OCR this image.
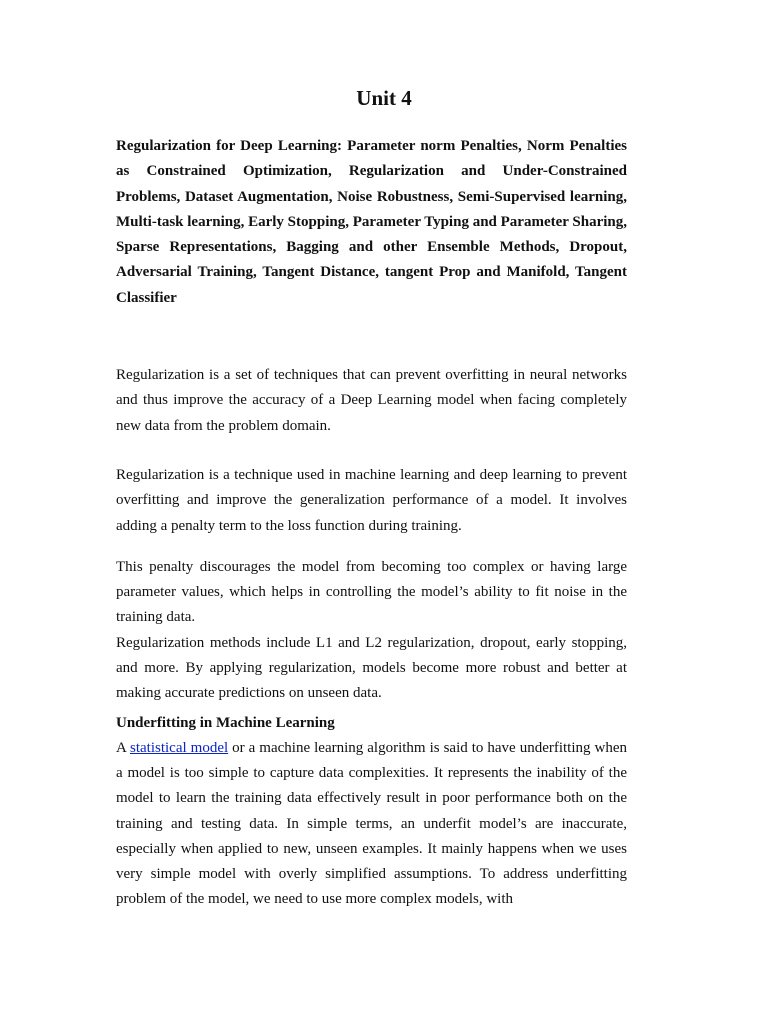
Unit 4

Regularization for Deep Learning: Parameter norm Penalties, Norm Penalties as Constrained Optimization, Regularization and Under-Constrained Problems, Dataset Augmentation, Noise Robustness, Semi-Supervised learning, Multi-task learning, Early Stopping, Parameter Typing and Parameter Sharing, Sparse Representations, Bagging and other Ensemble Methods, Dropout, Adversarial Training, Tangent Distance, tangent Prop and Manifold, Tangent Classifier

Regularization is a set of techniques that can prevent overfitting in neural networks and thus improve the accuracy of a Deep Learning model when facing completely new data from the problem domain.

Regularization is a technique used in machine learning and deep learning to prevent overfitting and improve the generalization performance of a model. It involves adding a penalty term to the loss function during training.

This penalty discourages the model from becoming too complex or having large parameter values, which helps in controlling the model’s ability to fit noise in the training data.

Regularization methods include L1 and L2 regularization, dropout, early stopping, and more. By applying regularization, models become more robust and better at making accurate predictions on unseen data.

Underfitting in Machine Learning

A statistical model or a machine learning algorithm is said to have underfitting when a model is too simple to capture data complexities. It represents the inability of the model to learn the training data effectively result in poor performance both on the training and testing data. In simple terms, an underfit model’s are inaccurate, especially when applied to new, unseen examples. It mainly happens when we uses very simple model with overly simplified assumptions. To address underfitting problem of the model, we need to use more complex models, with
